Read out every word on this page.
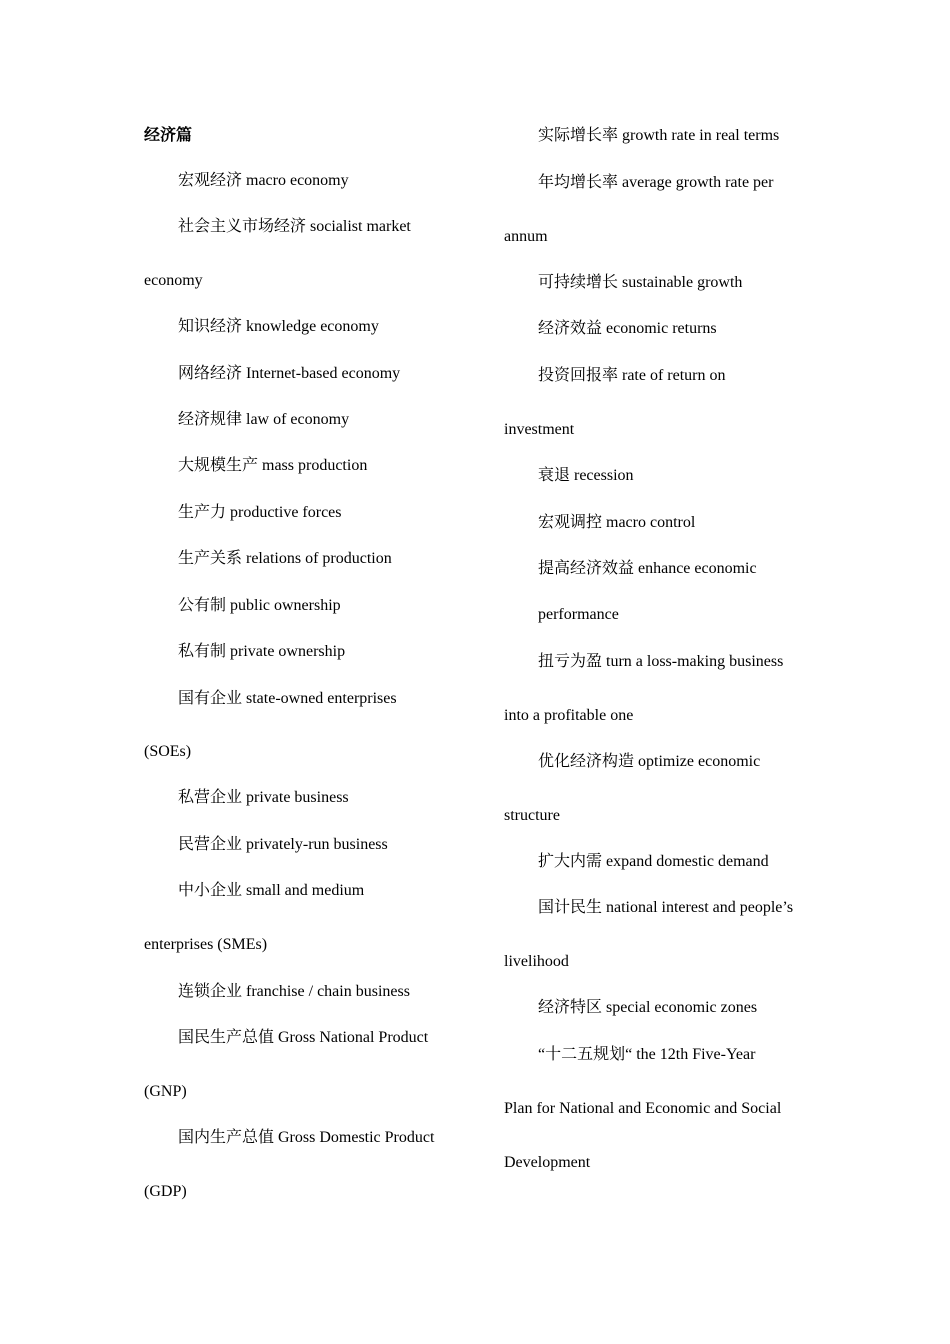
经济篇
宏观经济 macro economy
社会主义市场经济 socialist market
economy
知识经济 knowledge economy
网络经济 Internet-based economy
经济规律 law of economy
大规模生产 mass production
生产力 productive forces
生产关系 relations of production
公有制 public ownership
私有制 private ownership
国有企业 state-owned enterprises
(SOEs)
私营企业 private business
民营企业 privately-run business
中小企业 small and medium
enterprises (SMEs)
连锁企业 franchise / chain business
国民生产总值 Gross National Product
(GNP)
国内生产总值 Gross Domestic Product
(GDP)
实际增长率 growth rate in real terms
年均增长率 average growth rate per
annum
可持续增长 sustainable growth
经济效益 economic returns
投资回报率 rate of return on
investment
衰退 recession
宏观调控 macro control
提高经济效益 enhance economic
performance
扭亏为盈 turn a loss-making business
into a profitable one
优化经济构造 optimize economic
structure
扩大内需 expand domestic demand
国计民生 national interest and people’s
livelihood
经济特区 special economic zones
“十二五规划“ the 12th Five-Year
Plan for National and Economic and Social
Development
